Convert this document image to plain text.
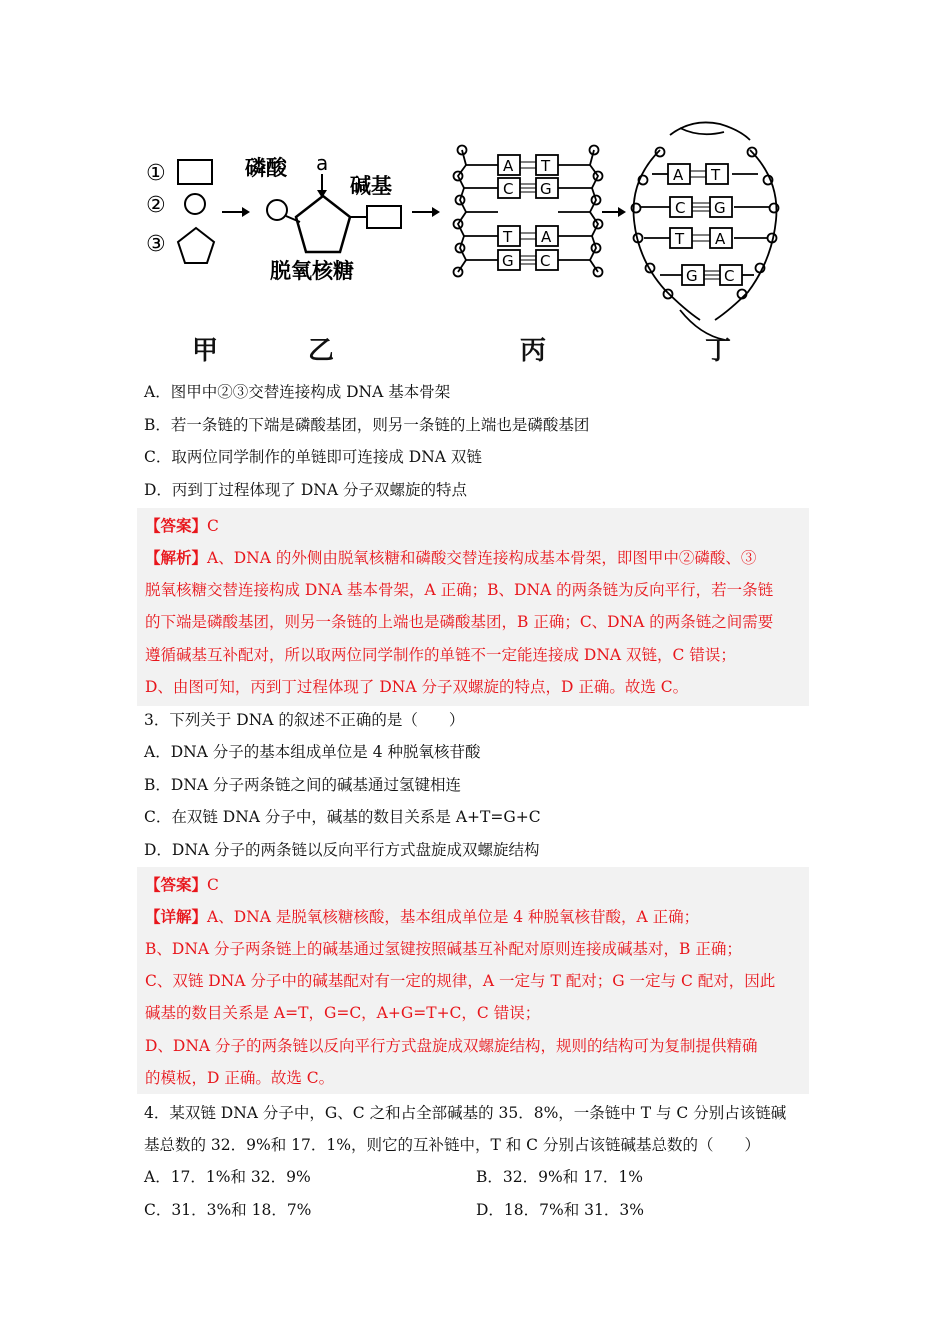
①
②
③
磷酸 a
碱基
脱氧核糖
A T
C G
T A
G C
A T
C G
T A
G C
甲	乙	丙	丁
A．图甲中②③交替连接构成 DNA 基本骨架
B．若一条链的下端是磷酸基团，则另一条链的上端也是磷酸基团
C．取两位同学制作的单链即可连接成 DNA 双链
D．丙到丁过程体现了 DNA 分子双螺旋的特点
【答案】C
【解析】A、DNA 的外侧由脱氧核糖和磷酸交替连接构成基本骨架，即图甲中②磷酸、③
脱氧核糖交替连接构成 DNA 基本骨架，A 正确；B、DNA 的两条链为反向平行，若一条链
的下端是磷酸基团，则另一条链的上端也是磷酸基团，B 正确；C、DNA 的两条链之间需要
遵循碱基互补配对，所以取两位同学制作的单链不一定能连接成 DNA 双链，C 错误；
D、由图可知，丙到丁过程体现了 DNA 分子双螺旋的特点，D 正确。故选 C。
3．下列关于 DNA 的叙述不正确的是（　　）
A．DNA 分子的基本组成单位是 4 种脱氧核苷酸
B．DNA 分子两条链之间的碱基通过氢键相连
C．在双链 DNA 分子中，碱基的数目关系是 A+T=G+C
D．DNA 分子的两条链以反向平行方式盘旋成双螺旋结构
【答案】C
【详解】A、DNA 是脱氧核糖核酸，基本组成单位是 4 种脱氧核苷酸，A 正确；
B、DNA 分子两条链上的碱基通过氢键按照碱基互补配对原则连接成碱基对，B 正确；
C、双链 DNA 分子中的碱基配对有一定的规律，A 一定与 T 配对；G 一定与 C 配对，因此
碱基的数目关系是 A=T，G=C，A+G=T+C，C 错误；
D、DNA 分子的两条链以反向平行方式盘旋成双螺旋结构，规则的结构可为复制提供精确
的模板，D 正确。故选 C。
4．某双链 DNA 分子中，G、C 之和占全部碱基的 35．8%，一条链中 T 与 C 分别占该链碱
基总数的 32．9%和 17．1%，则它的互补链中，T 和 C 分别占该链碱基总数的（　　）
A．17．1%和 32．9%	B．32．9%和 17．1%
C．31．3%和 18．7%	D．18．7%和 31．3%
